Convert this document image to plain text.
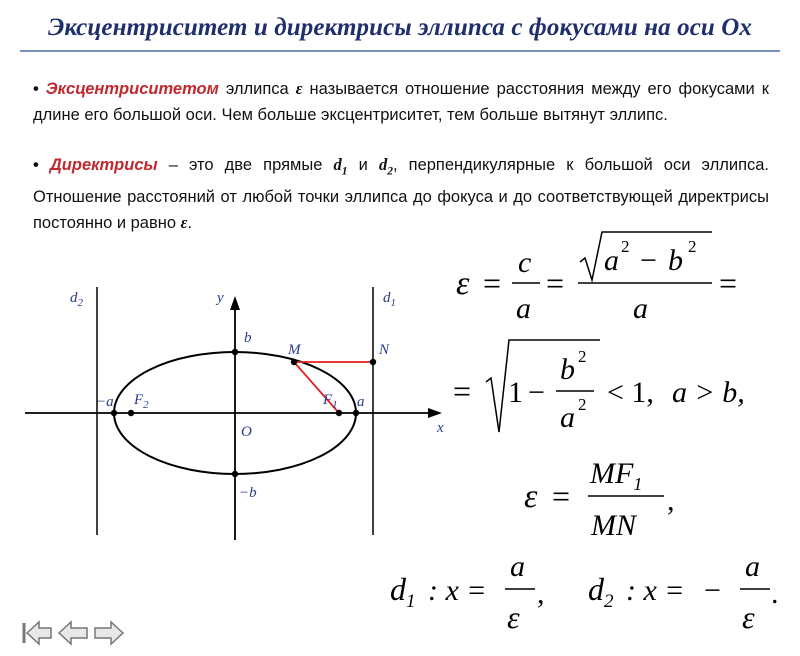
Эксцентриситет и директрисы эллипса с фокусами на оси Ox
• Эксцентриситетом эллипса ε называется отношение расстояния между его фокусами к длине его большой оси. Чем больше эксцентриситет, тем больше вытянут эллипс.
• Директрисы – это две прямые $d_1$ и $d_2$, перпендикулярные к большой оси эллипса. Отношение расстояний от любой точки эллипса до фокуса и до соответствующей директрисы постоянно и равно ε.
$d_2$	$d_1$
y
x
b
−b
−a	a
$F_2$	$F_1$
O
M	N
ε =
c
a
=
a 2 − b 2
a
=
= 1 −
b 2
a 2 < 1, a > b,
ε =
$MF_1$
MN
,
$d_1$ : x =
a
ε
, $d_2$ : x = −
a
ε
.
